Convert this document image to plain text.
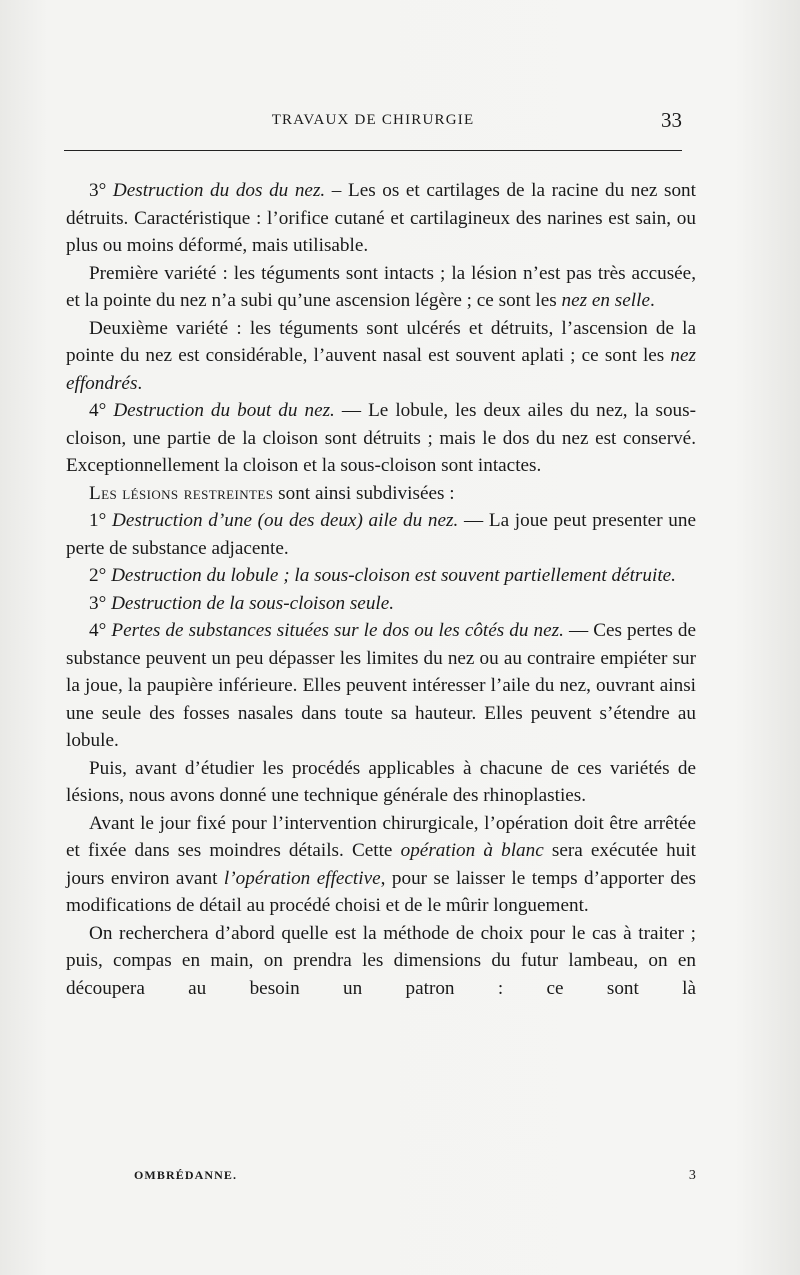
TRAVAUX DE CHIRURGIE	33

3° Destruction du dos du nez. – Les os et cartilages de la racine du nez sont détruits. Caractéristique : l’orifice cutané et cartilagineux des narines est sain, ou plus ou moins déformé, mais utilisable.

Première variété : les téguments sont intacts ; la lésion n’est pas très accusée, et la pointe du nez n’a subi qu’une ascension légère ; ce sont les nez en selle.

Deuxième variété : les téguments sont ulcérés et détruits, l’ascension de la pointe du nez est considérable, l’auvent nasal est souvent aplati ; ce sont les nez effondrés.

4° Destruction du bout du nez. — Le lobule, les deux ailes du nez, la sous-cloison, une partie de la cloison sont détruits ; mais le dos du nez est conservé. Exceptionnellement la cloison et la sous-cloison sont intactes.

Les lésions restreintes sont ainsi subdivisées :

1° Destruction d’une (ou des deux) aile du nez. — La joue peut presenter une perte de substance adjacente.

2° Destruction du lobule ; la sous-cloison est souvent partiellement détruite.

3° Destruction de la sous-cloison seule.

4° Pertes de substances situées sur le dos ou les côtés du nez. — Ces pertes de substance peuvent un peu dépasser les limites du nez ou au contraire empiéter sur la joue, la paupière inférieure. Elles peuvent intéresser l’aile du nez, ouvrant ainsi une seule des fosses nasales dans toute sa hauteur. Elles peuvent s’étendre au lobule.

Puis, avant d’étudier les procédés applicables à chacune de ces variétés de lésions, nous avons donné une technique générale des rhinoplasties.

Avant le jour fixé pour l’intervention chirurgicale, l’opération doit être arrêtée et fixée dans ses moindres détails. Cette opération à blanc sera exécutée huit jours environ avant l’opération effective, pour se laisser le temps d’apporter des modifications de détail au procédé choisi et de le mûrir longuement.

On recherchera d’abord quelle est la méthode de choix pour le cas à traiter ; puis, compas en main, on prendra les dimensions du futur lambeau, on en découpera au besoin un patron : ce sont là

OMBRÉDANNE.	3
